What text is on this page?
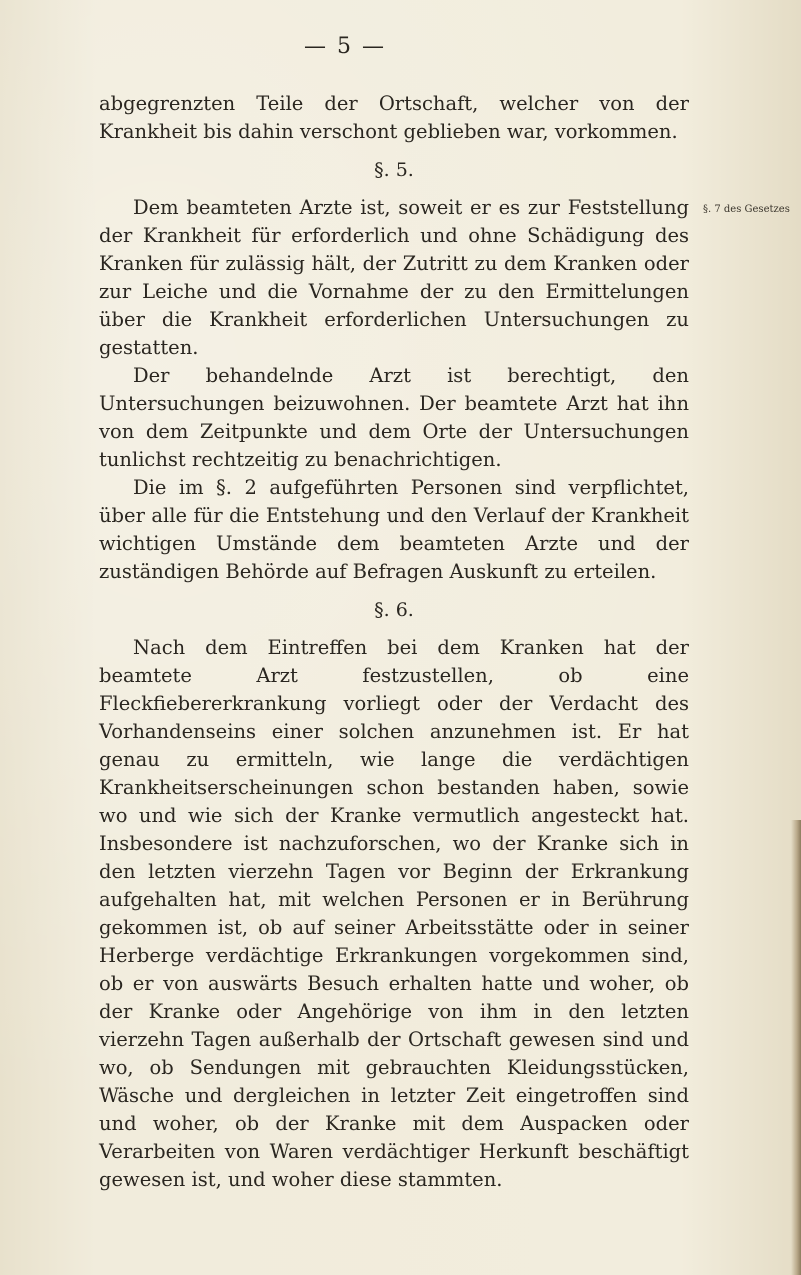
— 5 —
§. 7 des Gesetzes

abgegrenzten Teile der Ortschaft, welcher von der Krankheit bis dahin verschont geblieben war, vorkommen.

§. 5.

Dem beamteten Arzte ist, soweit er es zur Feststellung der Krankheit für erforderlich und ohne Schädigung des Kranken für zulässig hält, der Zutritt zu dem Kranken oder zur Leiche und die Vornahme der zu den Ermittelungen über die Krankheit erforderlichen Untersuchungen zu gestatten.

Der behandelnde Arzt ist berechtigt, den Untersuchungen beizuwohnen. Der beamtete Arzt hat ihn von dem Zeitpunkte und dem Orte der Untersuchungen tunlichst rechtzeitig zu benachrichtigen.

Die im §. 2 aufgeführten Personen sind verpflichtet, über alle für die Entstehung und den Verlauf der Krankheit wichtigen Umstände dem beamteten Arzte und der zuständigen Behörde auf Befragen Auskunft zu erteilen.

§. 6.

Nach dem Eintreffen bei dem Kranken hat der beamtete Arzt festzustellen, ob eine Fleckfiebererkrankung vorliegt oder der Verdacht des Vorhandenseins einer solchen anzunehmen ist. Er hat genau zu ermitteln, wie lange die verdächtigen Krankheitserscheinungen schon bestanden haben, sowie wo und wie sich der Kranke vermutlich angesteckt hat. Insbesondere ist nachzuforschen, wo der Kranke sich in den letzten vierzehn Tagen vor Beginn der Erkrankung aufgehalten hat, mit welchen Personen er in Berührung gekommen ist, ob auf seiner Arbeitsstätte oder in seiner Herberge verdächtige Erkrankungen vorgekommen sind, ob er von auswärts Besuch erhalten hatte und woher, ob der Kranke oder Angehörige von ihm in den letzten vierzehn Tagen außerhalb der Ortschaft gewesen sind und wo, ob Sendungen mit gebrauchten Kleidungsstücken, Wäsche und dergleichen in letzter Zeit eingetroffen sind und woher, ob der Kranke mit dem Auspacken oder Verarbeiten von Waren verdächtiger Herkunft beschäftigt gewesen ist, und woher diese stammten.
